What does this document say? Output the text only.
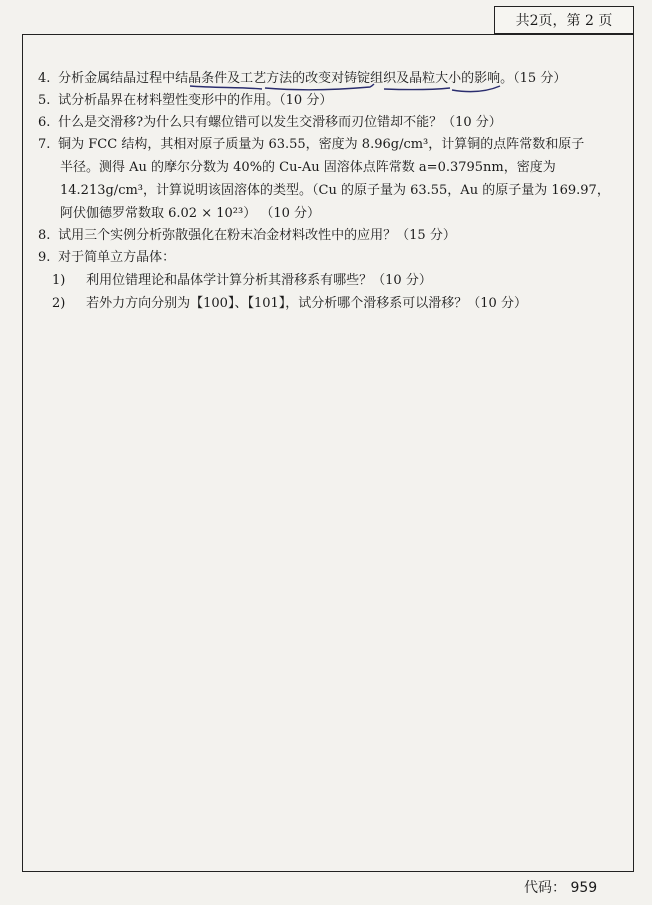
共2页，第 2 页

4. 分析金属结晶过程中结晶条件及工艺方法的改变对铸锭组织及晶粒大小的影响。（15 分）

5. 试分析晶界在材料塑性变形中的作用。（10 分）

6. 什么是交滑移?为什么只有螺位错可以发生交滑移而刃位错却不能？（10 分）

7. 铜为 FCC 结构，其相对原子质量为 63.55，密度为 8.96g/cm³，计算铜的点阵常数和原子

半径。测得 Au 的摩尔分数为 40%的 Cu-Au 固溶体点阵常数 a=0.3795nm，密度为

14.213g/cm³，计算说明该固溶体的类型。（Cu 的原子量为 63.55，Au 的原子量为 169.97，

阿伏伽德罗常数取 6.02 × 10²³） （10 分）

8. 试用三个实例分析弥散强化在粉末冶金材料改性中的应用？（15 分）

9. 对于简单立方晶体：

1) 利用位错理论和晶体学计算分析其滑移系有哪些？（10 分）

2) 若外力方向分别为【100】、【101】，试分析哪个滑移系可以滑移？（10 分）

代码： 959
